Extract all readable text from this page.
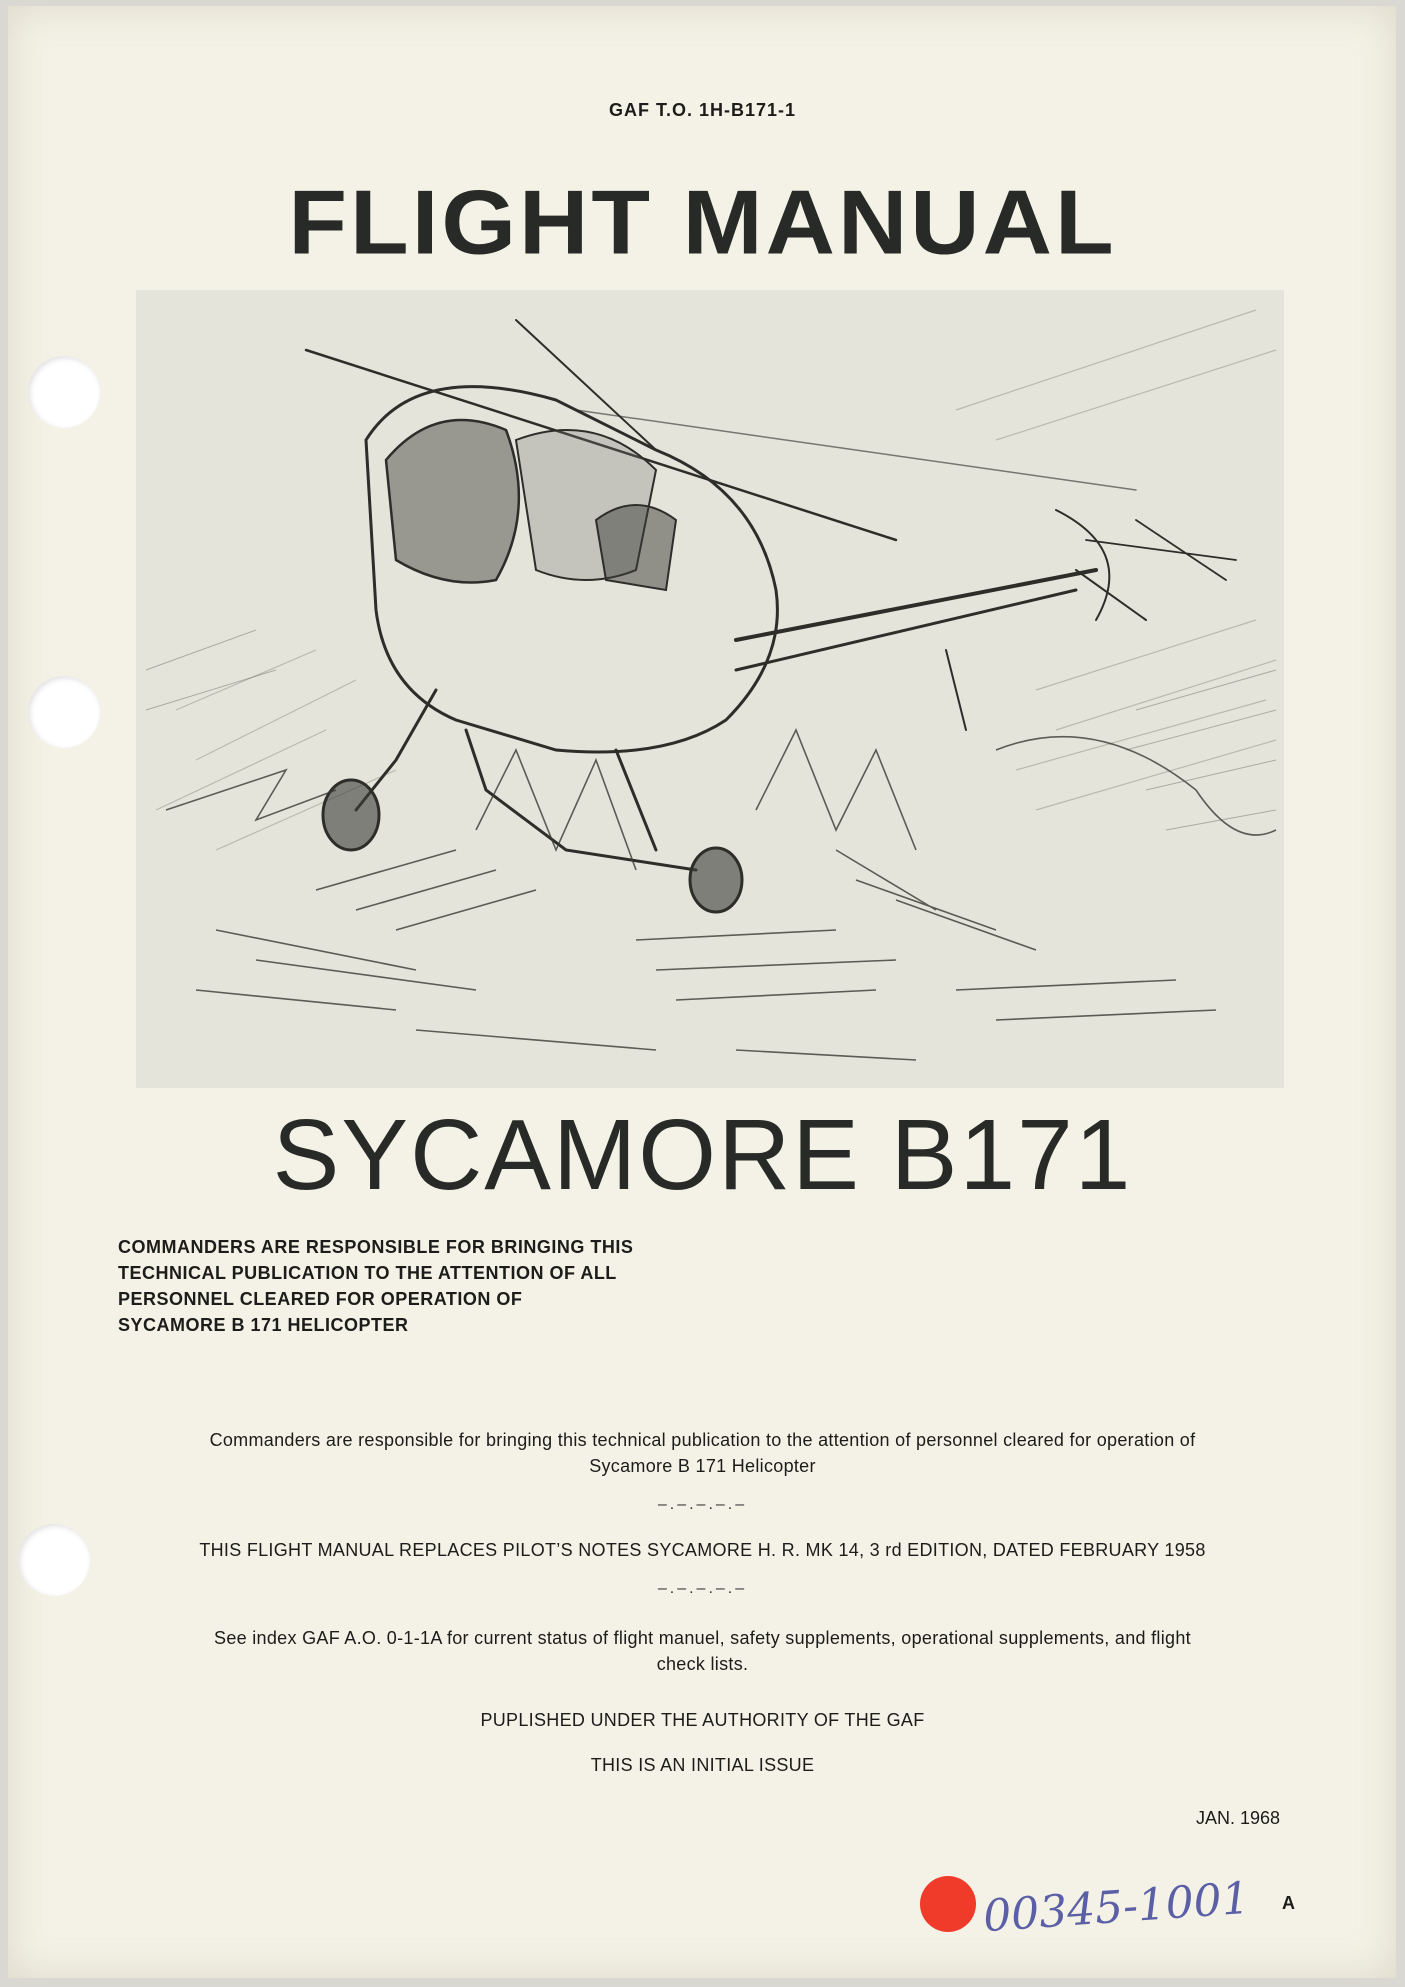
GAF T.O. 1H-B171-1
FLIGHT MANUAL
SYCAMORE B171
COMMANDERS ARE RESPONSIBLE FOR BRINGING THIS
TECHNICAL PUBLICATION TO THE ATTENTION OF ALL
PERSONNEL CLEARED FOR OPERATION OF
SYCAMORE B 171 HELICOPTER
Commanders are responsible for bringing this technical publication to the attention of personnel cleared for operation of
Sycamore B 171 Helicopter
–.–.–.–.–
THIS FLIGHT MANUAL REPLACES PILOT’S NOTES SYCAMORE H. R. MK 14, 3 rd EDITION, DATED FEBRUARY 1958
–.–.–.–.–
See index GAF A.O. 0-1-1A for current status of flight manuel, safety supplements, operational supplements, and flight
check lists.
PUPLISHED UNDER THE AUTHORITY OF THE GAF
THIS IS AN INITIAL ISSUE
JAN. 1968
00345-1001 A
